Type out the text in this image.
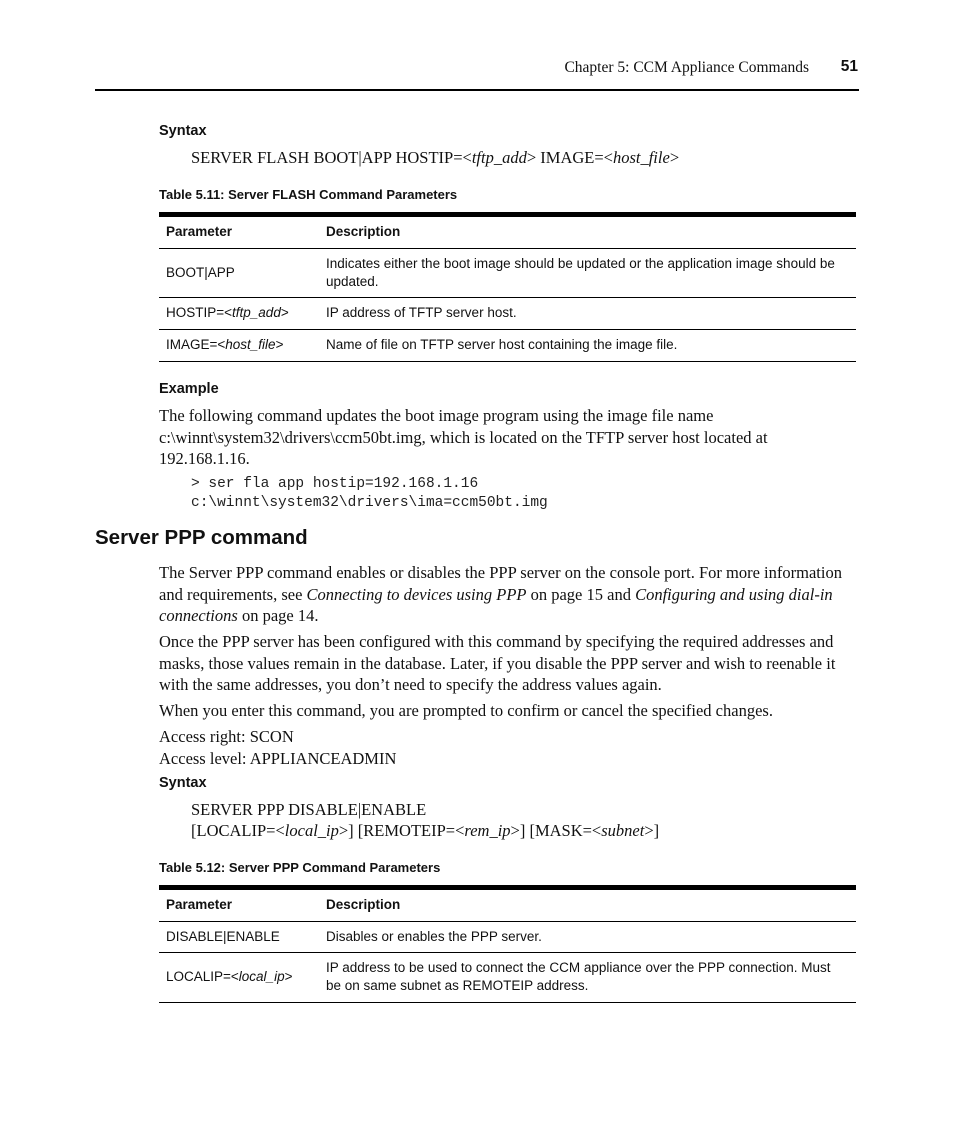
Chapter 5: CCM Appliance Commands 51
Syntax
SERVER FLASH BOOT|APP HOSTIP=<tftp_add> IMAGE=<host_file>
Table 5.11: Server FLASH Command Parameters
Parameter	Description
BOOT|APP	Indicates either the boot image should be updated or the application image should be updated.
HOSTIP=<tftp_add>	IP address of TFTP server host.
IMAGE=<host_file>	Name of file on TFTP server host containing the image file.
Example
The following command updates the boot image program using the image file name c:\winnt\system32\drivers\ccm50bt.img, which is located on the TFTP server host located at 192.168.1.16.
> ser fla app hostip=192.168.1.16
c:\winnt\system32\drivers\ima=ccm50bt.img
Server PPP command
The Server PPP command enables or disables the PPP server on the console port. For more information and requirements, see Connecting to devices using PPP on page 15 and Configuring and using dial-in connections on page 14.
Once the PPP server has been configured with this command by specifying the required addresses and masks, those values remain in the database. Later, if you disable the PPP server and wish to reenable it with the same addresses, you don’t need to specify the address values again.
When you enter this command, you are prompted to confirm or cancel the specified changes.
Access right: SCON
Access level: APPLIANCEADMIN
Syntax
SERVER PPP DISABLE|ENABLE
[LOCALIP=<local_ip>] [REMOTEIP=<rem_ip>] [MASK=<subnet>]
Table 5.12: Server PPP Command Parameters
Parameter	Description
DISABLE|ENABLE	Disables or enables the PPP server.
LOCALIP=<local_ip>	IP address to be used to connect the CCM appliance over the PPP connection. Must be on same subnet as REMOTEIP address.
